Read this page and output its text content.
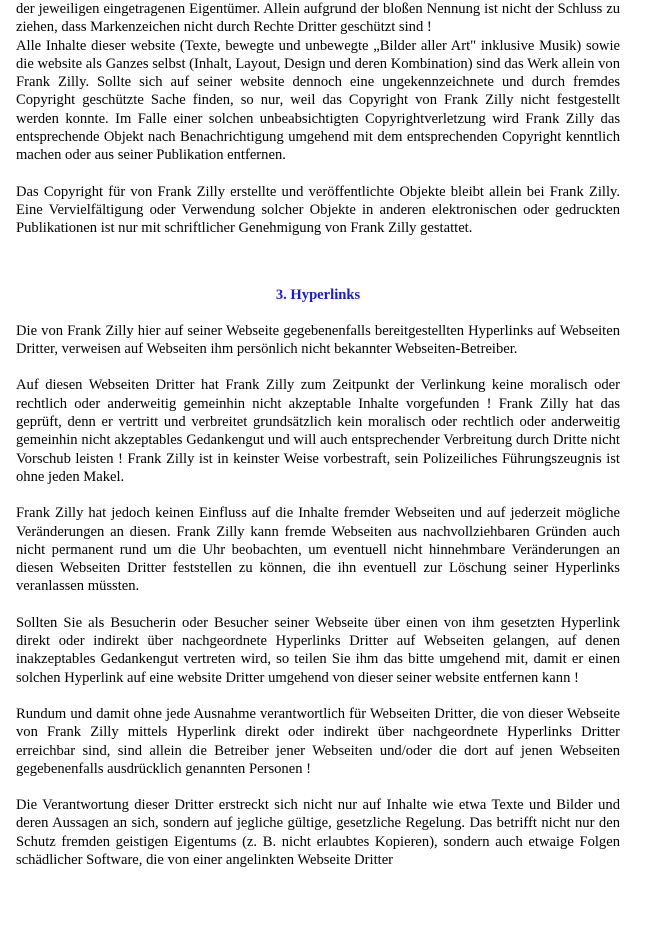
der jeweiligen eingetragenen Eigentümer. Allein aufgrund der bloßen Nennung ist nicht der Schluss zu ziehen, dass Markenzeichen nicht durch Rechte Dritter geschützt sind !

Alle Inhalte dieser website (Texte, bewegte und unbewegte „Bilder aller Art" inklusive Musik) sowie die website als Ganzes selbst (Inhalt, Layout, Design und deren Kombination) sind das Werk allein von Frank Zilly. Sollte sich auf seiner website dennoch eine ungekennzeichnete und durch fremdes Copyright geschützte Sache finden, so nur, weil das Copyright von Frank Zilly nicht festgestellt werden konnte. Im Falle einer solchen unbeabsichtigten Copyrightverletzung wird Frank Zilly das entsprechende Objekt nach Benachrichtigung umgehend mit dem entsprechenden Copyright kenntlich machen oder aus seiner Publikation entfernen.

Das Copyright für von Frank Zilly erstellte und veröffentlichte Objekte bleibt allein bei Frank Zilly. Eine Vervielfältigung oder Verwendung solcher Objekte in anderen elektronischen oder gedruckten Publikationen ist nur mit schriftlicher Genehmigung von Frank Zilly gestattet.

3. Hyperlinks

Die von Frank Zilly hier auf seiner Webseite gegebenenfalls bereitgestellten Hyperlinks auf Webseiten Dritter, verweisen auf Webseiten ihm persönlich nicht bekannter Webseiten-Betreiber.

Auf diesen Webseiten Dritter hat Frank Zilly zum Zeitpunkt der Verlinkung keine moralisch oder rechtlich oder anderweitig gemeinhin nicht akzeptable Inhalte vorgefunden ! Frank Zilly hat das geprüft, denn er vertritt und verbreitet grundsätzlich kein moralisch oder rechtlich oder anderweitig gemeinhin nicht akzeptables Gedankengut und will auch entsprechender Verbreitung durch Dritte nicht Vorschub leisten ! Frank Zilly ist in keinster Weise vorbestraft, sein Polizeiliches Führungszeugnis ist ohne jeden Makel.

Frank Zilly hat jedoch keinen Einfluss auf die Inhalte fremder Webseiten und auf jederzeit mögliche Veränderungen an diesen. Frank Zilly kann fremde Webseiten aus nachvollziehbaren Gründen auch nicht permanent rund um die Uhr beobachten, um eventuell nicht hinnehmbare Veränderungen an diesen Webseiten Dritter feststellen zu können, die ihn eventuell zur Löschung seiner Hyperlinks veranlassen müssten.

Sollten Sie als Besucherin oder Besucher seiner Webseite über einen von ihm gesetzten Hyperlink direkt oder indirekt über nachgeordnete Hyperlinks Dritter auf Webseiten gelangen, auf denen inakzeptables Gedankengut vertreten wird, so teilen Sie ihm das bitte umgehend mit, damit er einen solchen Hyperlink auf eine website Dritter umgehend von dieser seiner website entfernen kann !

Rundum und damit ohne jede Ausnahme verantwortlich für Webseiten Dritter, die von dieser Webseite von Frank Zilly mittels Hyperlink direkt oder indirekt über nachgeordnete Hyperlinks Dritter erreichbar sind, sind allein die Betreiber jener Webseiten und/oder die dort auf jenen Webseiten gegebenenfalls ausdrücklich genannten Personen !

Die Verantwortung dieser Dritter erstreckt sich nicht nur auf Inhalte wie etwa Texte und Bilder und deren Aussagen an sich, sondern auf jegliche gültige, gesetzliche Regelung. Das betrifft nicht nur den Schutz fremden geistigen Eigentums (z. B. nicht erlaubtes Kopieren), sondern auch etwaige Folgen schädlicher Software, die von einer angelinkten Webseite Dritter
